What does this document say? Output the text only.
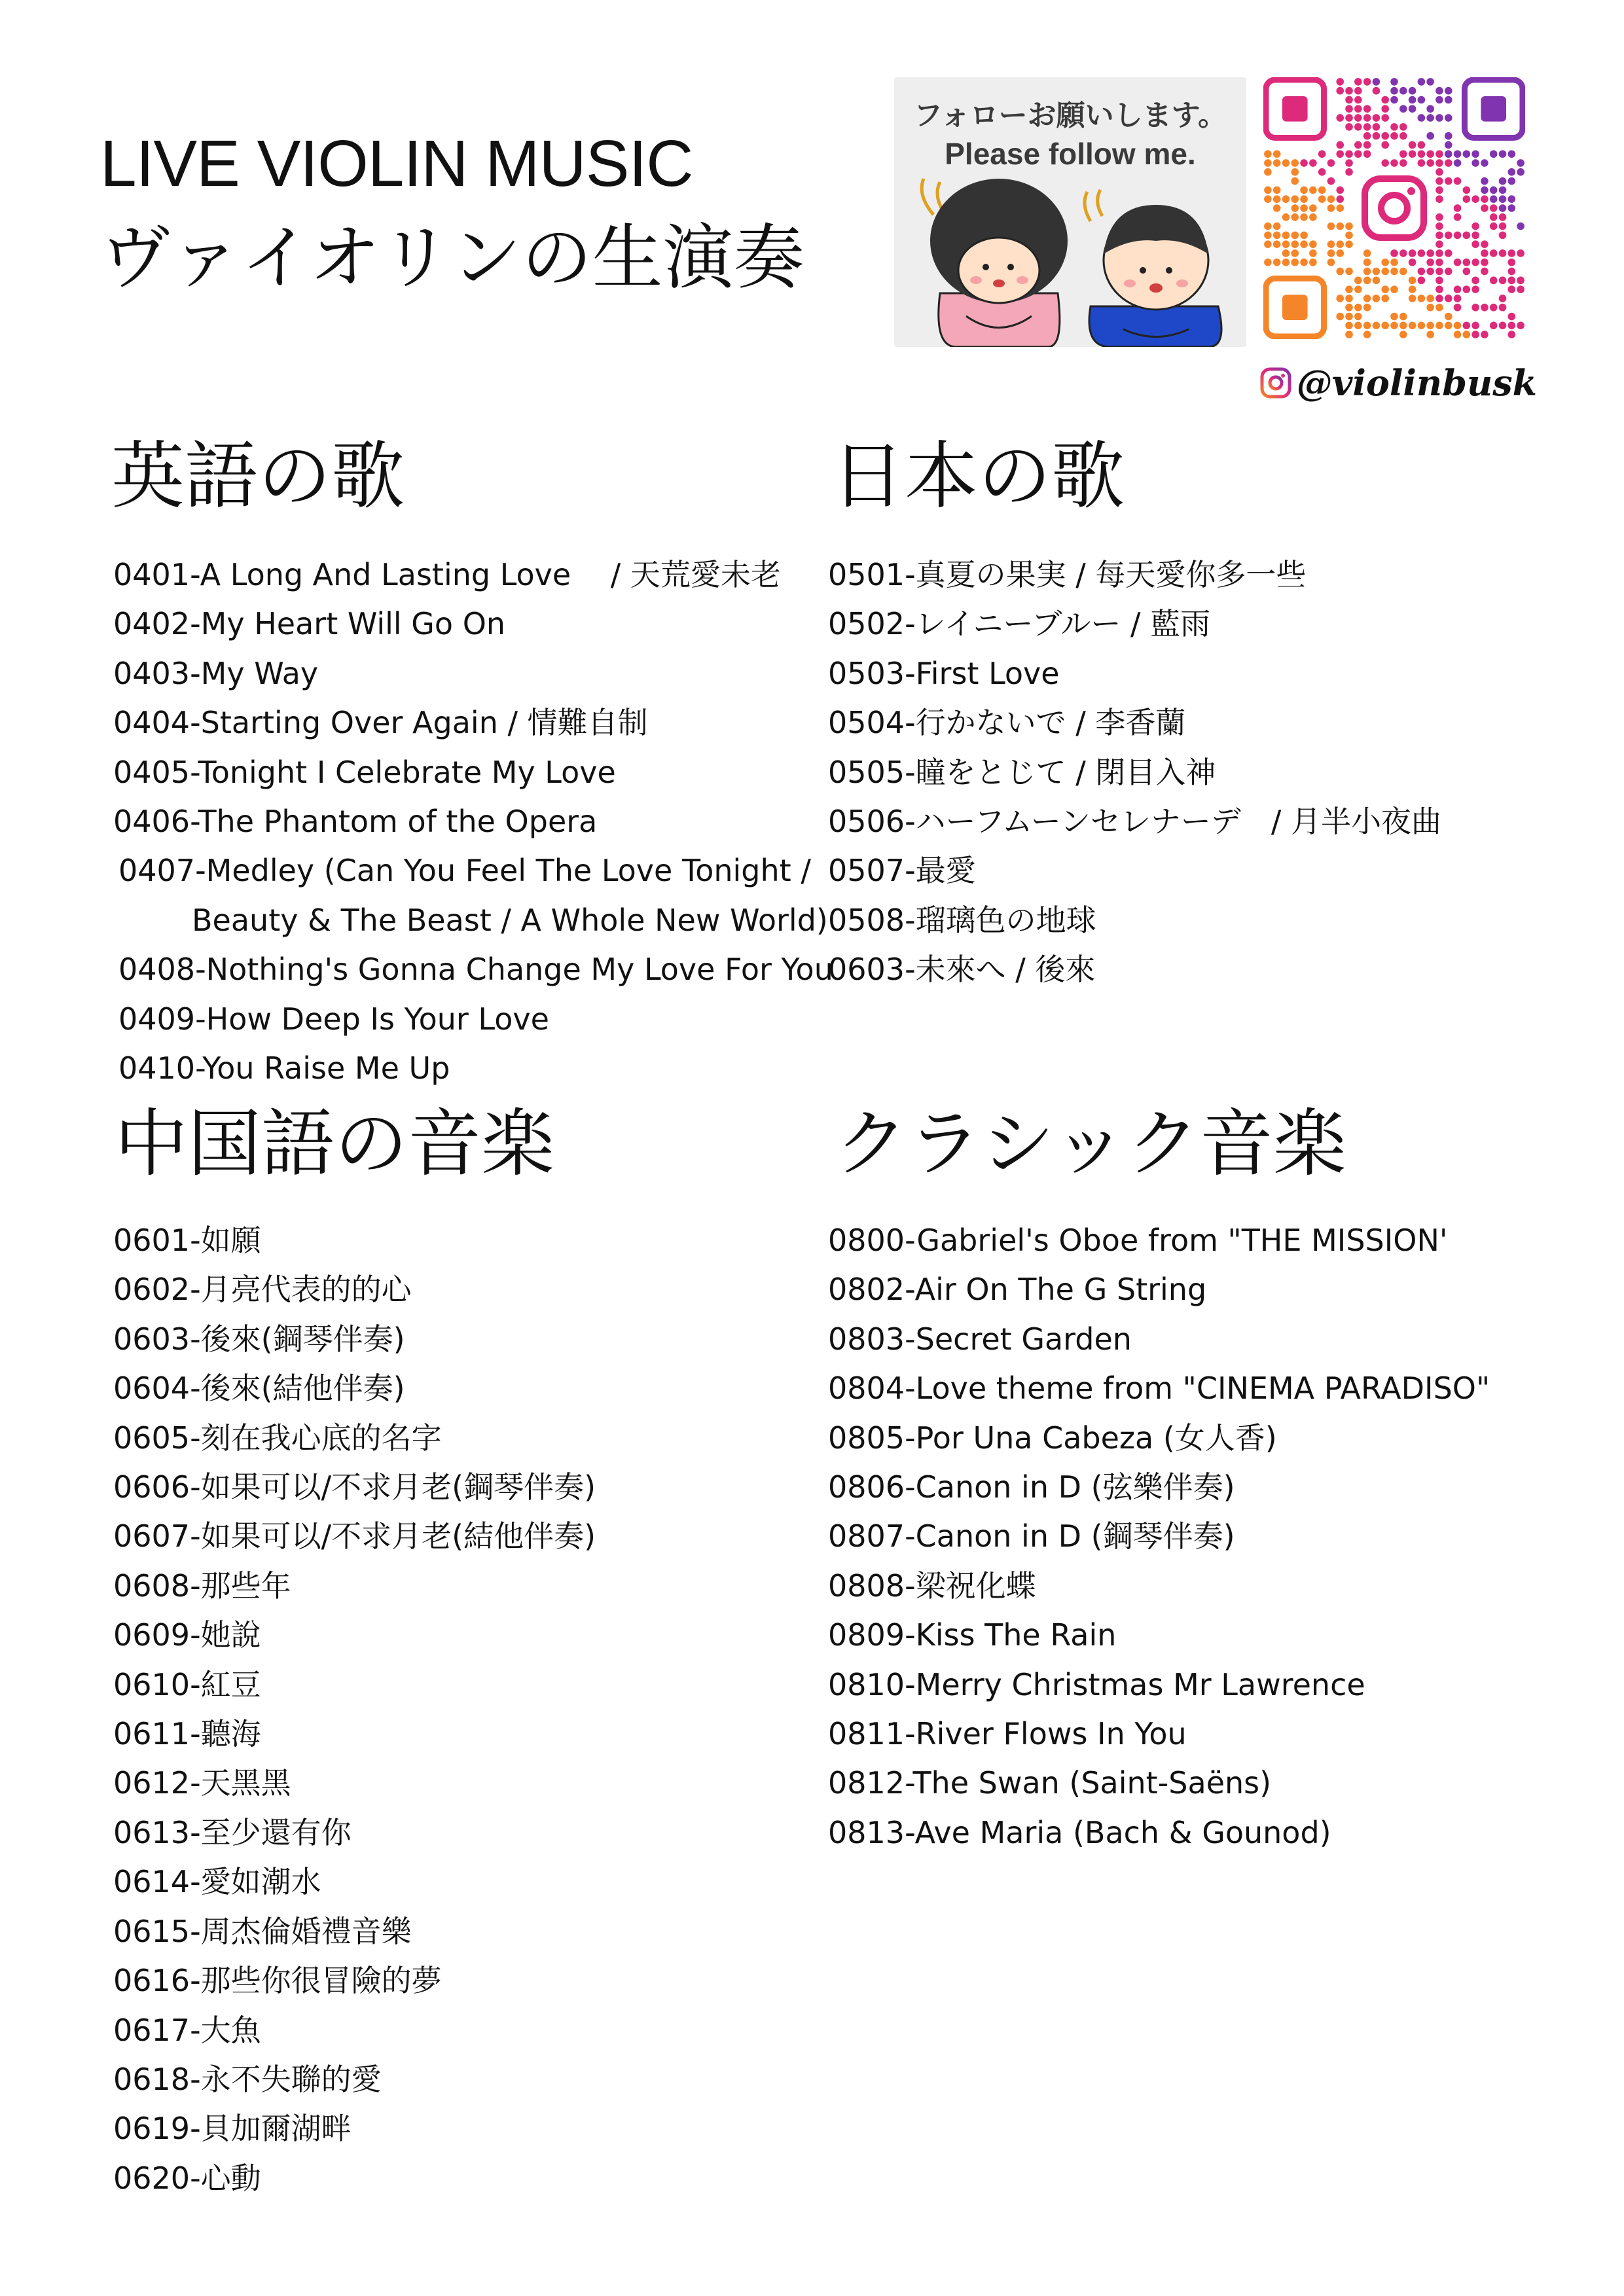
LIVE VIOLIN MUSIC
ヴァイオリンの生演奏
フォローお願いします。
Please follow me.
@violinbusk
英語の歌
0401-A Long And Lasting Love　 / 天荒愛未老
0402-My Heart Will Go On
0403-My Way
0404-Starting Over Again / 情難自制
0405-Tonight I Celebrate My Love
0406-The Phantom of the Opera
0407-Medley (Can You Feel The Love Tonight /
Beauty & The Beast / A Whole New World)
0408-Nothing's Gonna Change My Love For You
0409-How Deep Is Your Love
0410-You Raise Me Up
日本の歌
0501-真夏の果実 / 每天愛你多一些
0502-レイニーブルー / 藍雨
0503-First Love
0504-行かないで / 李香蘭
0505-瞳をとじて / 閉目入神
0506-ハーフムーンセレナーデ　/ 月半小夜曲
0507-最愛
0508-瑠璃色の地球
0603-未來へ / 後來
中国語の音楽
0601-如願
0602-月亮代表的的心
0603-後來(鋼琴伴奏)
0604-後來(結他伴奏)
0605-刻在我心底的名字
0606-如果可以/不求月老(鋼琴伴奏)
0607-如果可以/不求月老(結他伴奏)
0608-那些年
0609-她說
0610-紅豆
0611-聽海
0612-天黑黑
0613-至少還有你
0614-愛如潮水
0615-周杰倫婚禮音樂
0616-那些你很冒險的夢
0617-大魚
0618-永不失聯的愛
0619-貝加爾湖畔
0620-心動
クラシック音楽
0800-Gabriel's Oboe from "THE MISSION'
0802-Air On The G String
0803-Secret Garden
0804-Love theme from "CINEMA PARADISO"
0805-Por Una Cabeza (女人香)
0806-Canon in D (弦樂伴奏)
0807-Canon in D (鋼琴伴奏)
0808-梁祝化蝶
0809-Kiss The Rain
0810-Merry Christmas Mr Lawrence
0811-River Flows In You
0812-The Swan (Saint-Saëns)
0813-Ave Maria (Bach & Gounod)
